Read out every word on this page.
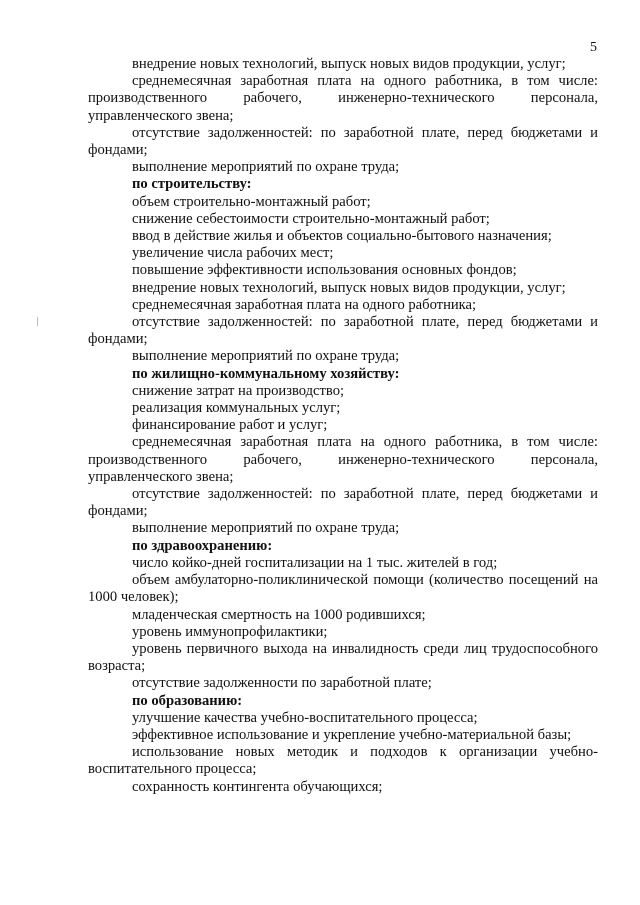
5

внедрение новых технологий, выпуск новых видов продукции, услуг;

среднемесячная заработная плата на одного работника, в том числе: производственного рабочего, инженерно-технического персонала, управленческого звена;

отсутствие задолженностей: по заработной плате, перед бюджетами и фондами;

выполнение мероприятий по охране труда;

по строительству:

объем строительно-монтажный работ;

снижение себестоимости строительно-монтажный работ;

ввод в действие жилья и объектов социально-бытового назначения;

увеличение числа рабочих мест;

повышение эффективности использования основных фондов;

внедрение новых технологий, выпуск новых видов продукции, услуг;

среднемесячная заработная плата на одного работника;

отсутствие задолженностей: по заработной плате, перед бюджетами и фондами;

выполнение мероприятий по охране труда;

по жилищно-коммунальному хозяйству:

снижение затрат на производство;

реализация коммунальных услуг;

финансирование работ и услуг;

среднемесячная заработная плата на одного работника, в том числе: производственного рабочего, инженерно-технического персонала, управленческого звена;

отсутствие задолженностей: по заработной плате, перед бюджетами и фондами;

выполнение мероприятий по охране труда;

по здравоохранению:

число койко-дней госпитализации на 1 тыс. жителей в год;

объем амбулаторно-поликлинической помощи (количество посещений на 1000 человек);

младенческая смертность на 1000 родившихся;

уровень иммунопрофилактики;

уровень первичного выхода на инвалидность среди лиц трудоспособного возраста;

отсутствие задолженности по заработной плате;

по образованию:

улучшение качества учебно-воспитательного процесса;

эффективное использование и укрепление учебно-материальной базы;

использование новых методик и подходов к организации учебно-воспитательного процесса;

сохранность контингента обучающихся;
